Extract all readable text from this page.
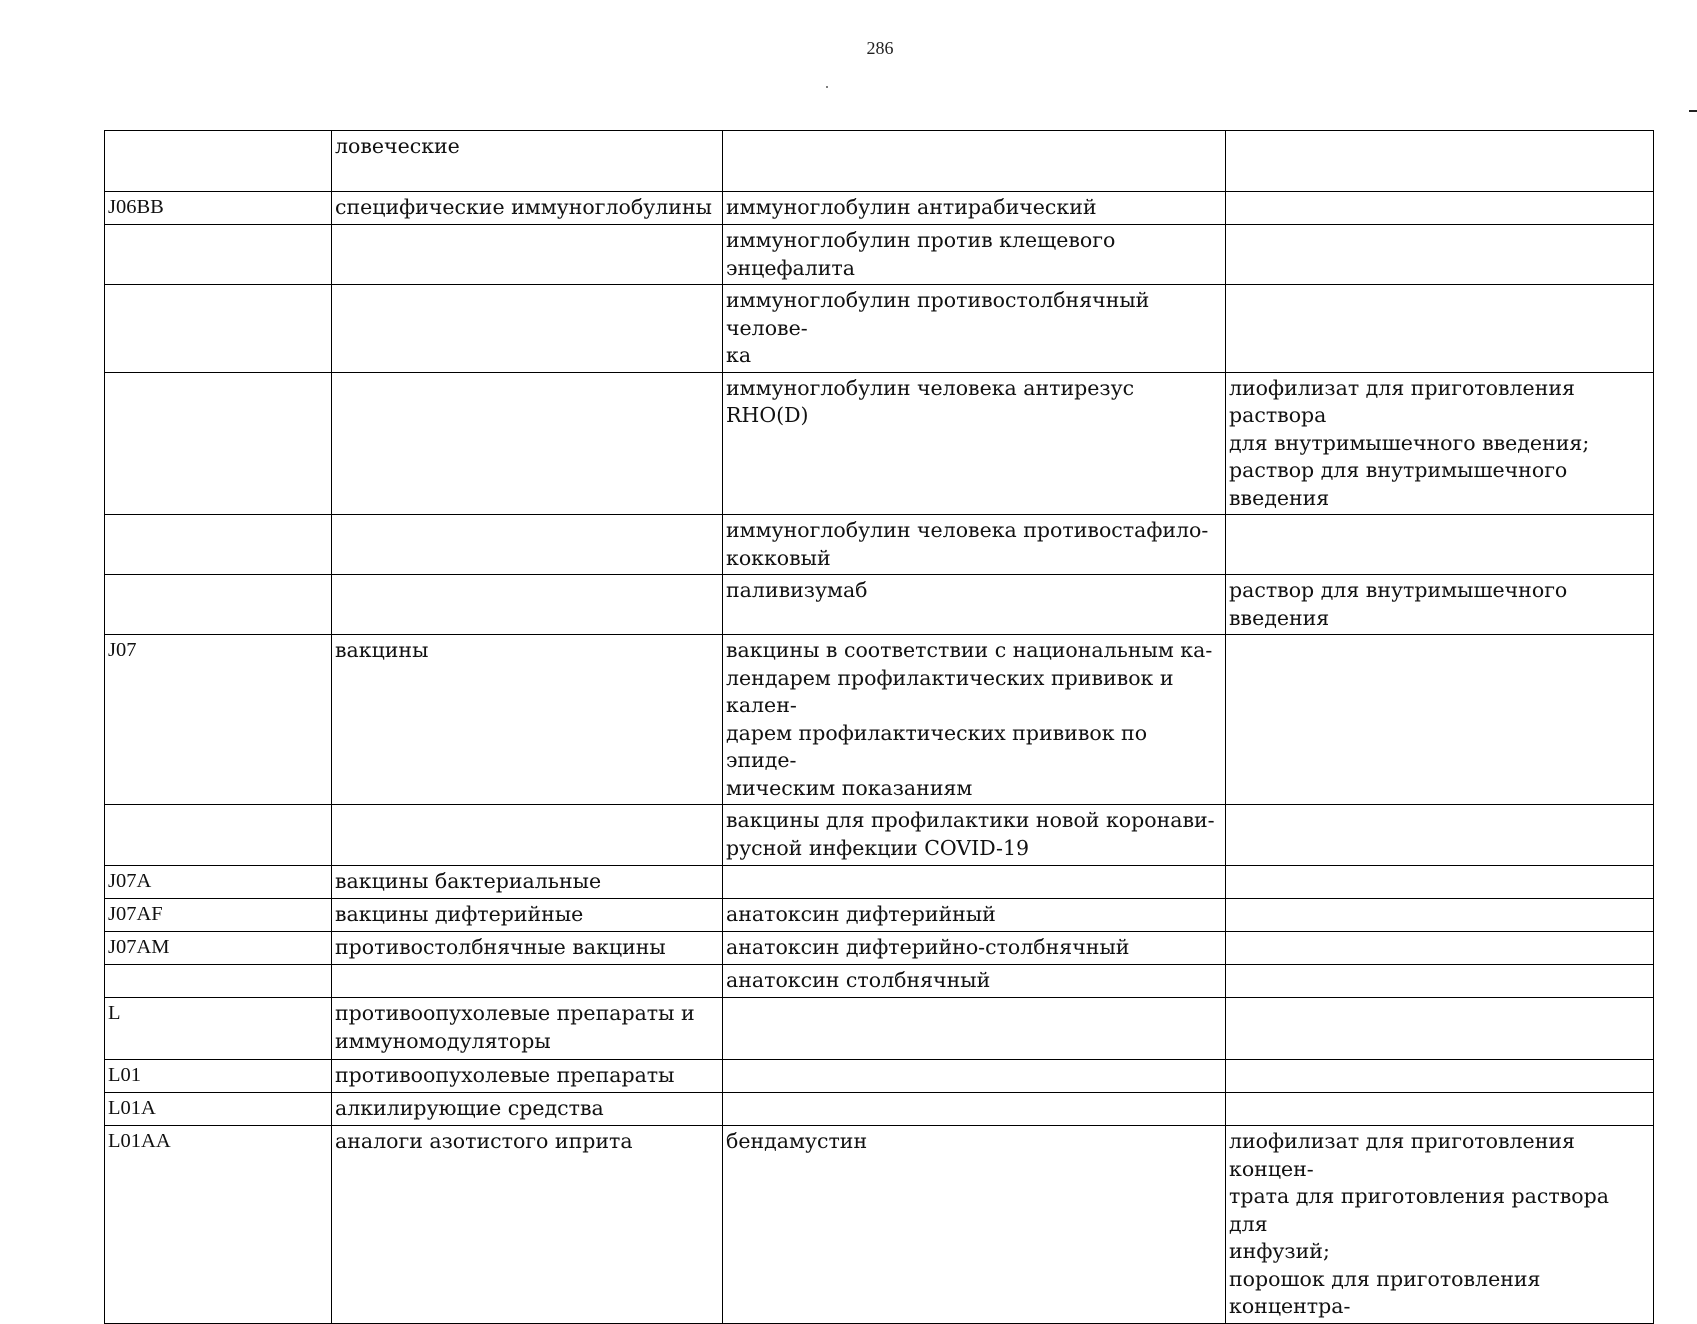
286
	ловеческие		
J06BB	специфические иммуноглобулины	иммуноглобулин антирабический	
		иммуноглобулин против клещевого энцефалита	
		иммуноглобулин противостолбнячный челове-
ка	
		иммуноглобулин человека антирезус RHO(D)	лиофилизат для приготовления раствора
для внутримышечного введения;
раствор для внутримышечного введения
		иммуноглобулин человека противостафило-
кокковый	
		паливизумаб	раствор для внутримышечного введения
J07	вакцины	вакцины в соответствии с национальным ка-
лендарем профилактических прививок и кален-
дарем профилактических прививок по эпиде-
мическим показаниям	
		вакцины для профилактики новой коронави-
русной инфекции COVID-19	
J07A	вакцины бактериальные		
J07AF	вакцины дифтерийные	анатоксин дифтерийный	
J07AM	противостолбнячные вакцины	анатоксин дифтерийно-столбнячный	
		анатоксин столбнячный	
L	противоопухолевые препараты и
иммуномодуляторы		
L01	противоопухолевые препараты		
L01A	алкилирующие средства		
L01AA	аналоги азотистого иприта	бендамустин	лиофилизат для приготовления концен-
трата для приготовления раствора для
инфузий;
порошок для приготовления концентра-
